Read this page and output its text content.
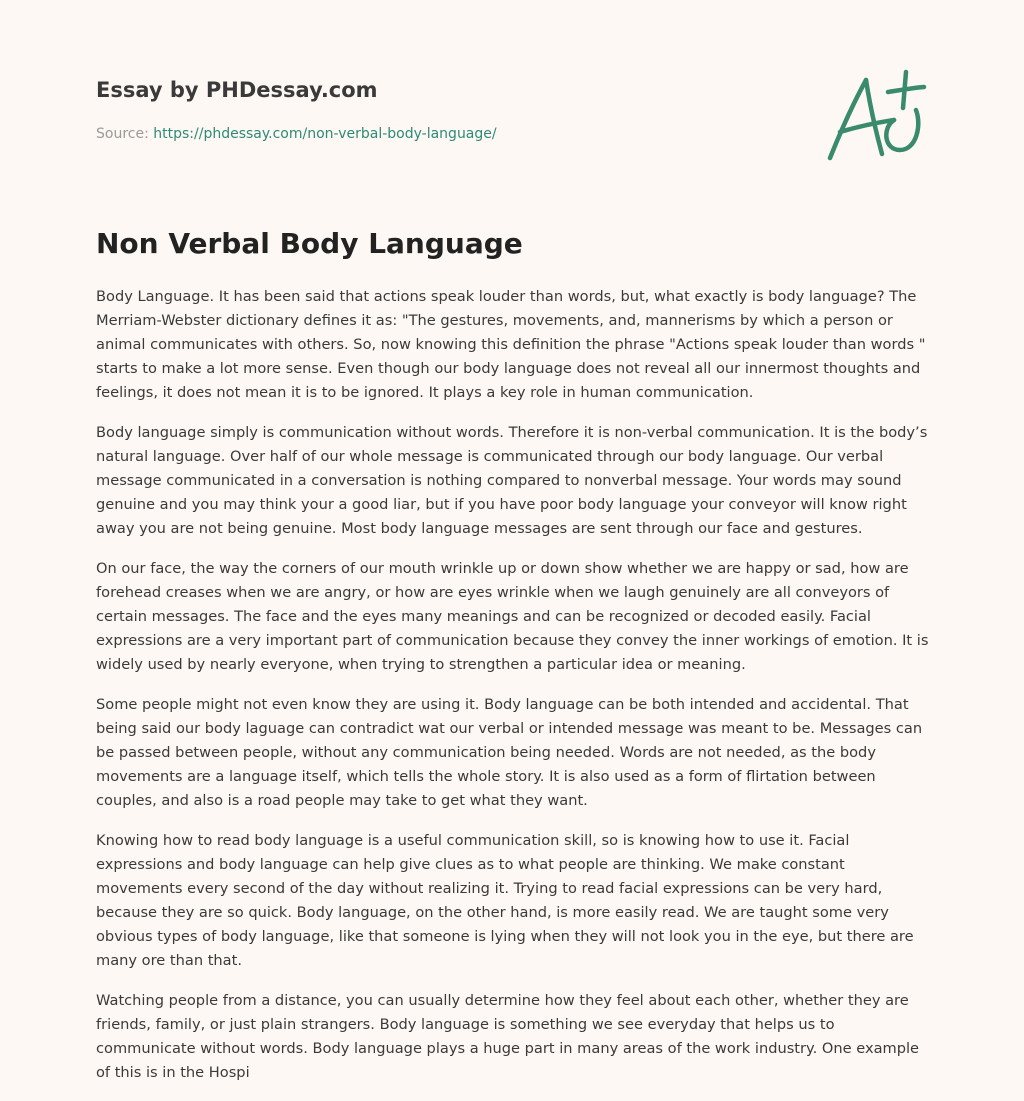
Essay by PHDessay.com
Source: https://phdessay.com/non-verbal-body-language/
Non Verbal Body Language

Body Language. It has been said that actions speak louder than words, but, what exactly is body language? The Merriam-Webster dictionary defines it as: "The gestures, movements, and, mannerisms by which a person or animal communicates with others. So, now knowing this definition the phrase "Actions speak louder than words " starts to make a lot more sense. Even though our body language does not reveal all our innermost thoughts and feelings, it does not mean it is to be ignored. It plays a key role in human communication.

Body language simply is communication without words. Therefore it is non-verbal communication. It is the body’s natural language. Over half of our whole message is communicated through our body language. Our verbal message communicated in a conversation is nothing compared to nonverbal message. Your words may sound genuine and you may think your a good liar, but if you have poor body language your conveyor will know right away you are not being genuine. Most body language messages are sent through our face and gestures.

On our face, the way the corners of our mouth wrinkle up or down show whether we are happy or sad, how are forehead creases when we are angry, or how are eyes wrinkle when we laugh genuinely are all conveyors of certain messages. The face and the eyes many meanings and can be recognized or decoded easily. Facial expressions are a very important part of communication because they convey the inner workings of emotion. It is widely used by nearly everyone, when trying to strengthen a particular idea or meaning.

Some people might not even know they are using it. Body language can be both intended and accidental. That being said our body laguage can contradict wat our verbal or intended message was meant to be. Messages can be passed between people, without any communication being needed. Words are not needed, as the body movements are a language itself, which tells the whole story. It is also used as a form of flirtation between couples, and also is a road people may take to get what they want.

Knowing how to read body language is a useful communication skill, so is knowing how to use it. Facial expressions and body language can help give clues as to what people are thinking. We make constant movements every second of the day without realizing it. Trying to read facial expressions can be very hard, because they are so quick. Body language, on the other hand, is more easily read. We are taught some very obvious types of body language, like that someone is lying when they will not look you in the eye, but there are many ore than that.

Watching people from a distance, you can usually determine how they feel about each other, whether they are friends, family, or just plain strangers. Body language is something we see everyday that helps us to communicate without words. Body language plays a huge part in many areas of the work industry. One example of this is in the Hospi
